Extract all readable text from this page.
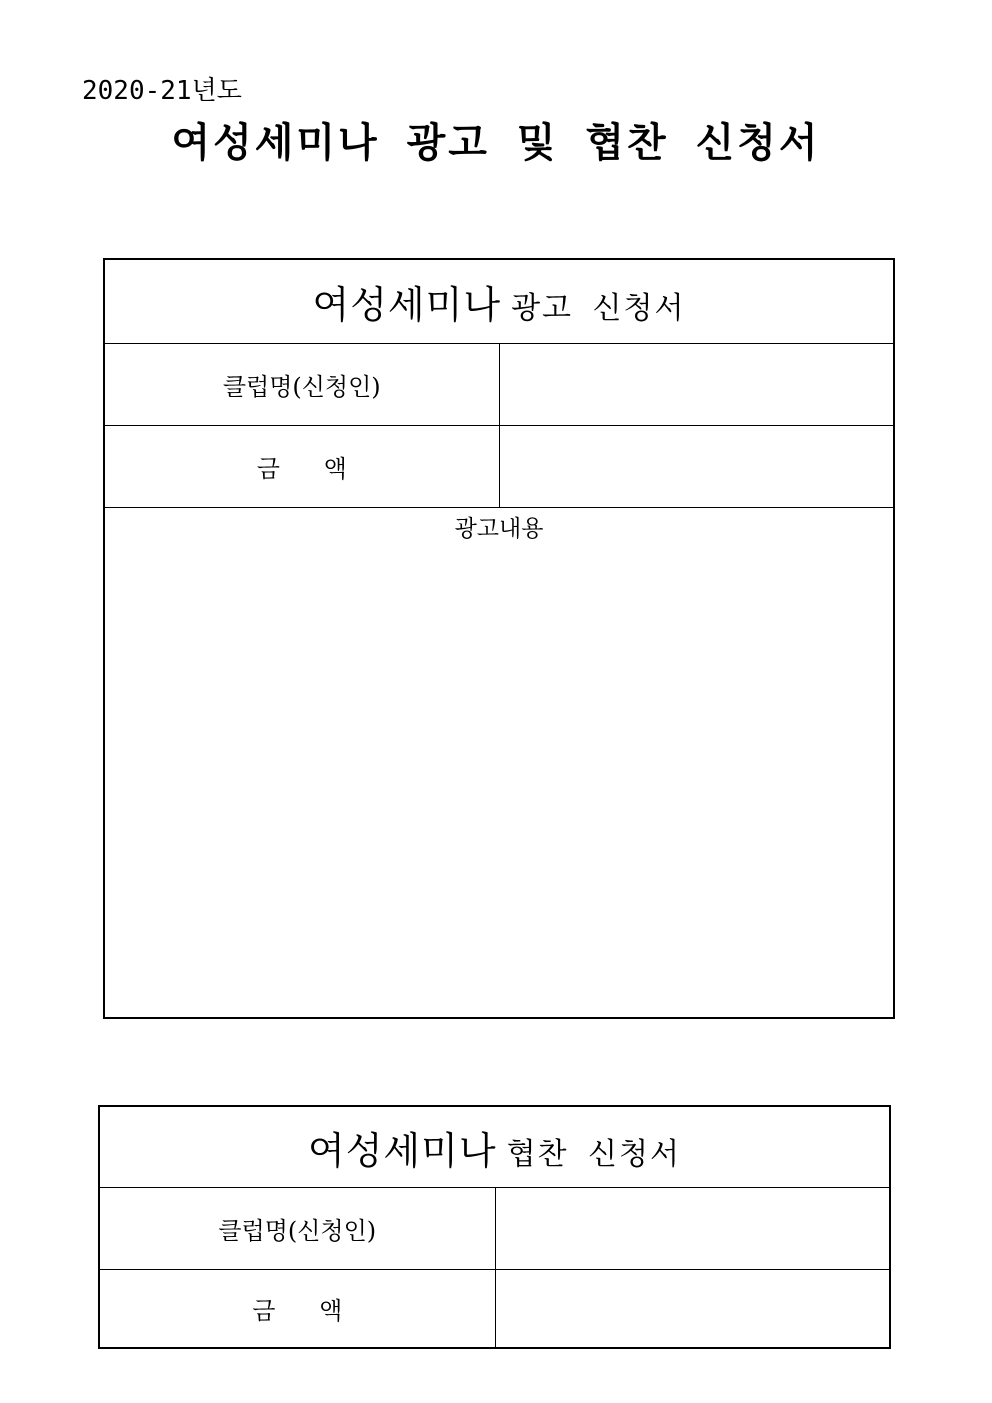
2020-21년도
여성세미나 광고 및 협찬 신청서
여성세미나 광고 신청서	
클럽명(신청인)	
금 액	

광고내용	
여성세미나 협찬 신청서	
클럽명(신청인)	
금 액	
